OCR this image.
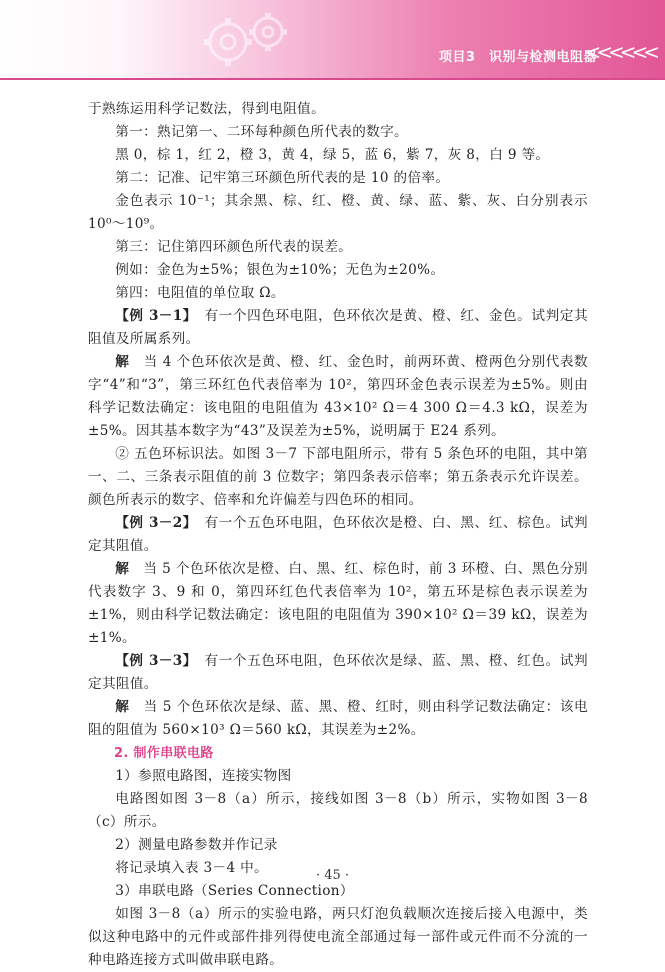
项目3　识别与检测电阻器
<<<<<<

于熟练运用科学记数法，得到电阻值。

第一：熟记第一、二环每种颜色所代表的数字。

黑 0，棕 1，红 2，橙 3，黄 4，绿 5，蓝 6，紫 7，灰 8，白 9 等。

第二：记准、记牢第三环颜色所代表的是 10 的倍率。

金色表示 10⁻¹；其余黑、棕、红、橙、黄、绿、蓝、紫、灰、白分别表示 10⁰～10⁹。

第三：记住第四环颜色所代表的误差。

例如：金色为±5%；银色为±10%；无色为±20%。

第四：电阻值的单位取 Ω。

【例 3－1】　 有一个四色环电阻，色环依次是黄、橙、红、金色。试判定其阻值及所属系列。

解　 当 4 个色环依次是黄、橙、红、金色时，前两环黄、橙两色分别代表数字“4”和“3”，第三环红色代表倍率为 10²，第四环金色表示误差为±5%。则由科学记数法确定：该电阻的电阻值为 43×10² Ω＝4 300 Ω＝4.3 kΩ，误差为±5%。因其基本数字为“43”及误差为±5%，说明属于 E24 系列。

② 五色环标识法。如图 3－7 下部电阻所示，带有 5 条色环的电阻，其中第一、二、三条表示阻值的前 3 位数字；第四条表示倍率；第五条表示允许误差。颜色所表示的数字、倍率和允许偏差与四色环的相同。

【例 3－2】　 有一个五色环电阻，色环依次是橙、白、黑、红、棕色。试判定其阻值。

解　 当 5 个色环依次是橙、白、黑、红、棕色时，前 3 环橙、白、黑色分别代表数字 3、9 和 0，第四环红色代表倍率为 10²，第五环是棕色表示误差为±1%，则由科学记数法确定：该电阻的电阻值为 390×10² Ω＝39 kΩ，误差为±1%。

【例 3－3】　 有一个五色环电阻，色环依次是绿、蓝、黑、橙、红色。试判定其阻值。

解　 当 5 个色环依次是绿、蓝、黑、橙、红时，则由科学记数法确定：该电阻的阻值为 560×10³ Ω＝560 kΩ，其误差为±2%。

2. 制作串联电路

1）参照电路图，连接实物图

电路图如图 3－8（a）所示，接线如图 3－8（b）所示，实物如图 3－8（c）所示。

2）测量电路参数并作记录

将记录填入表 3－4 中。

3）串联电路（Series Connection）

如图 3－8（a）所示的实验电路，两只灯泡负载顺次连接后接入电源中，类似这种电路中的元件或部件排列得使电流全部通过每一部件或元件而不分流的一种电路连接方式叫做串联电路。

· 45 ·
